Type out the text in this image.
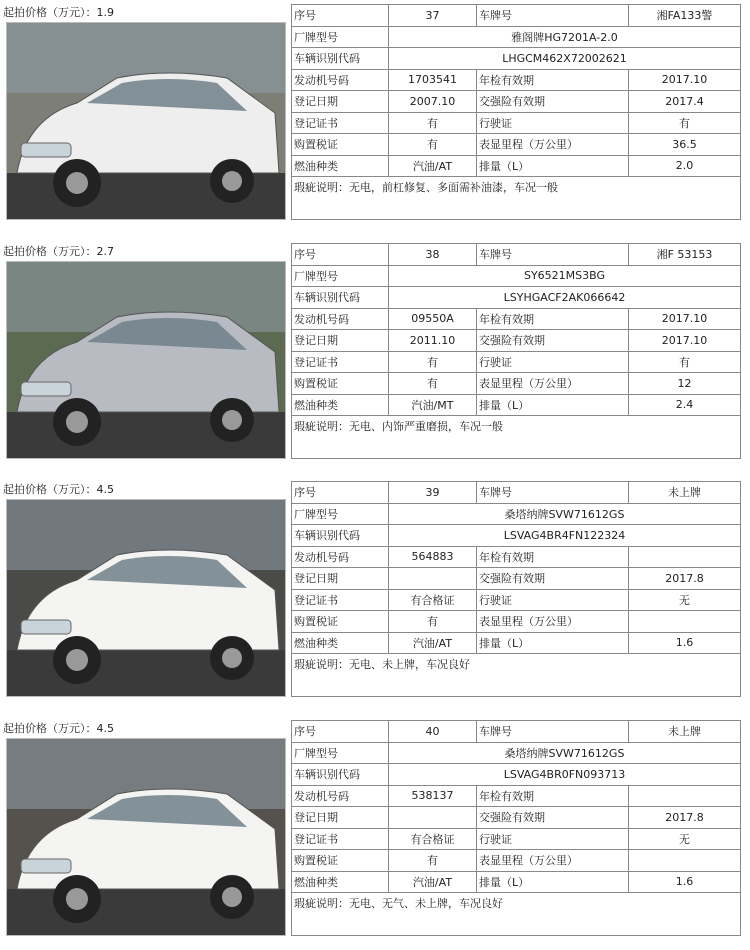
起拍价格（万元）：1.9	序号	37	车牌号	湘FA133警
厂牌型号	雅阁牌HG7201A-2.0		
车辆识别代码	LHGCM462X72002621		
发动机号码	1703541	年检有效期	2017.10
登记日期	2007.10	交强险有效期	2017.4
登记证书	有	行驶证	有
购置税证	有	表显里程（万公里）	36.5
燃油种类	汽油/AT	排量（L）	2.0
瑕疵说明：无电，前杠修复、多面需补油漆，车况一般			
起拍价格（万元）：2.7	序号	38	车牌号	湘F 53153
厂牌型号	SY6521MS3BG		
车辆识别代码	LSYHGACF2AK066642		
发动机号码	09550A	年检有效期	2017.10
登记日期	2011.10	交强险有效期	2017.10
登记证书	有	行驶证	有
购置税证	有	表显里程（万公里）	12
燃油种类	汽油/MT	排量（L）	2.4
瑕疵说明：无电、内饰严重磨损，车况一般			
起拍价格（万元）：4.5	序号	39	车牌号	未上牌
厂牌型号	桑塔纳牌SVW71612GS		
车辆识别代码	LSVAG4BR4FN122324		
发动机号码	564883	年检有效期	
登记日期		交强险有效期	2017.8
登记证书	有合格证	行驶证	无
购置税证	有	表显里程（万公里）	
燃油种类	汽油/AT	排量（L）	1.6
瑕疵说明：无电、未上牌，车况良好			
起拍价格（万元）：4.5	序号	40	车牌号	未上牌
厂牌型号	桑塔纳牌SVW71612GS		
车辆识别代码	LSVAG4BR0FN093713		
发动机号码	538137	年检有效期	
登记日期		交强险有效期	2017.8
登记证书	有合格证	行驶证	无
购置税证	有	表显里程（万公里）	
燃油种类	汽油/AT	排量（L）	1.6
瑕疵说明：无电、无气、未上牌，车况良好			
